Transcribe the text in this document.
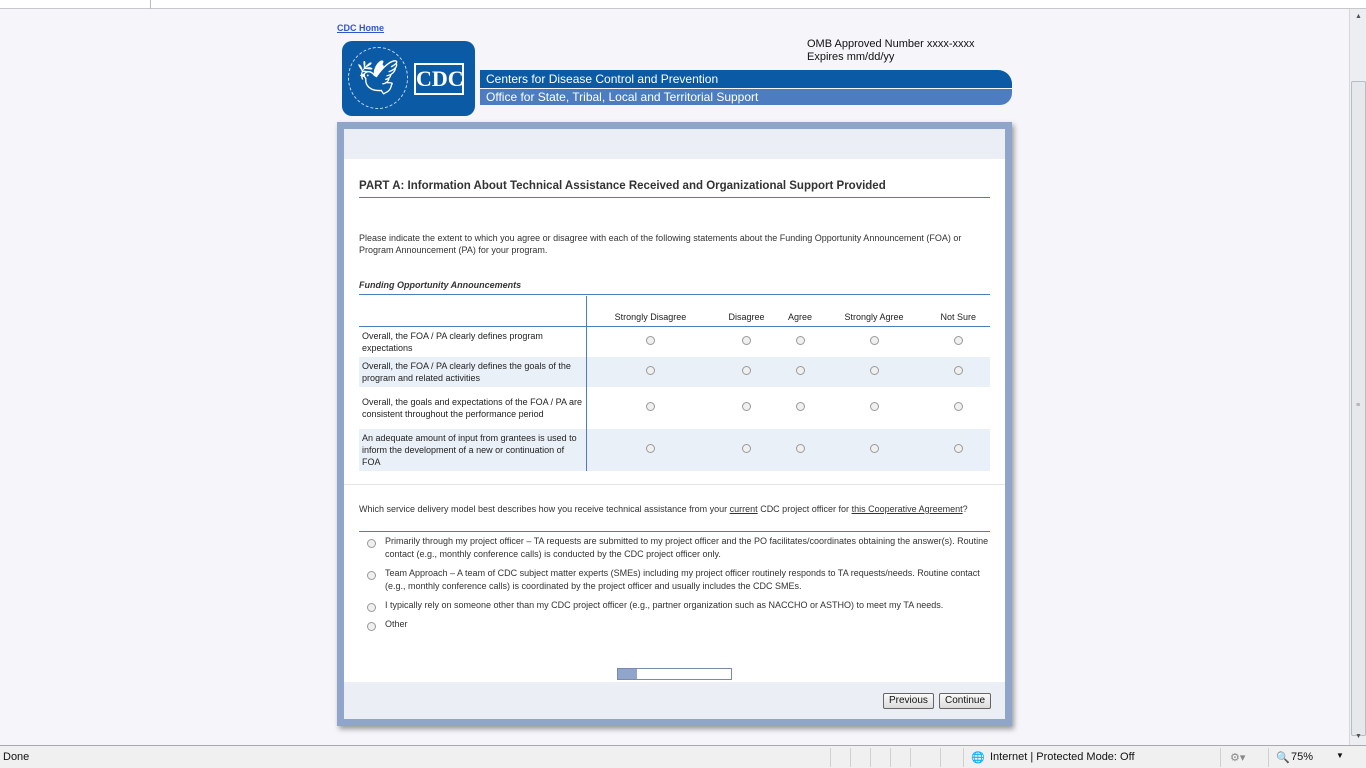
▲
≡
▼
CDC Home
🕊 CDC	Centers for Disease Control and Prevention
Office for State, Tribal, Local and Territorial Support
OMB Approved Number xxxx-xxxx
Expires mm/dd/yy
PART A: Information About Technical Assistance Received and Organizational Support Provided
Please indicate the extent to which you agree or disagree with each of the following statements about the Funding Opportunity Announcement (FOA) or Program Announcement (PA) for your program.
Funding Opportunity Announcements
	Strongly Disagree	Disagree	Agree	Strongly Agree	Not Sure
Overall, the FOA / PA clearly defines program expectations					
Overall, the FOA / PA clearly defines the goals of the program and related activities					
Overall, the goals and expectations of the FOA / PA are consistent throughout the performance period					
An adequate amount of input from grantees is used to inform the development of a new or continuation of FOA					
Which service delivery model best describes how you receive technical assistance from your current CDC project officer for this Cooperative Agreement?
Primarily through my project officer – TA requests are submitted to my project officer and the PO facilitates/coordinates obtaining the answer(s). Routine contact (e.g., monthly conference calls) is conducted by the CDC project officer only.
Team Approach – A team of CDC subject matter experts (SMEs) including my project officer routinely responds to TA requests/needs. Routine contact (e.g., monthly conference calls) is coordinated by the project officer and usually includes the CDC SMEs.
I typically rely on someone other than my CDC project officer (e.g., partner organization such as NACCHO or ASTHO) to meet my TA needs.
Other
Previous	Continue
Done	🌐 Internet | Protected Mode: Off	⚙▾	🔍 75%	▼
